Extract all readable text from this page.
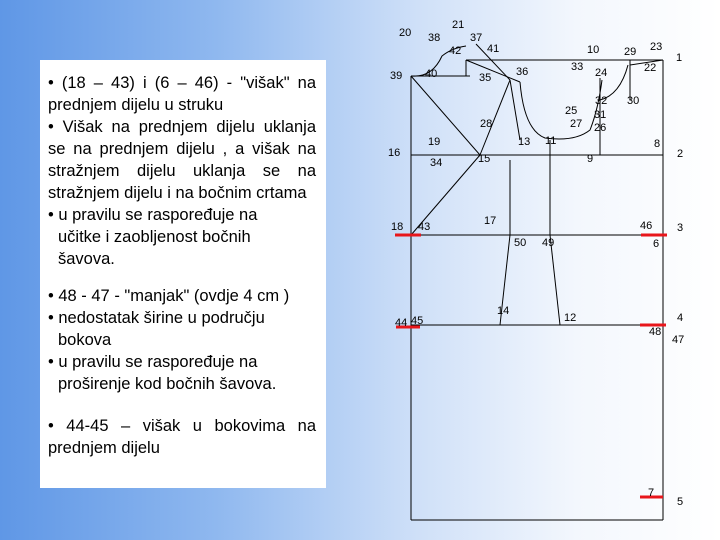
• (18 – 43) i (6 – 46) - "višak" na prednjem dijelu u struku

• Višak na prednjem dijelu uklanja se na prednjem dijelu , a višak na stražnjem dijelu uklanja se na stražnjem dijelu i na bočnim crtama

• u pravilu se raspoređuje na

učitke i zaobljenost bočnih

šavova.

• 48 - 47 - "manjak" (ovdje 4 cm )

• nedostatak širine u području

bokova

• u pravilu se raspoređuje na

proširenje kod bočnih šavova.

• 44-45 – višak u bokovima na prednjem dijelu

20
21
38	37
42 41	10 29 23
1
39 40	35 36	33 24	22
32 30
25
27
31
26
28
13 11	8
19
16
34	15	9	2
17
18 43	46 3
50 49	6
14
12	4
44 45
48
47
7
5
